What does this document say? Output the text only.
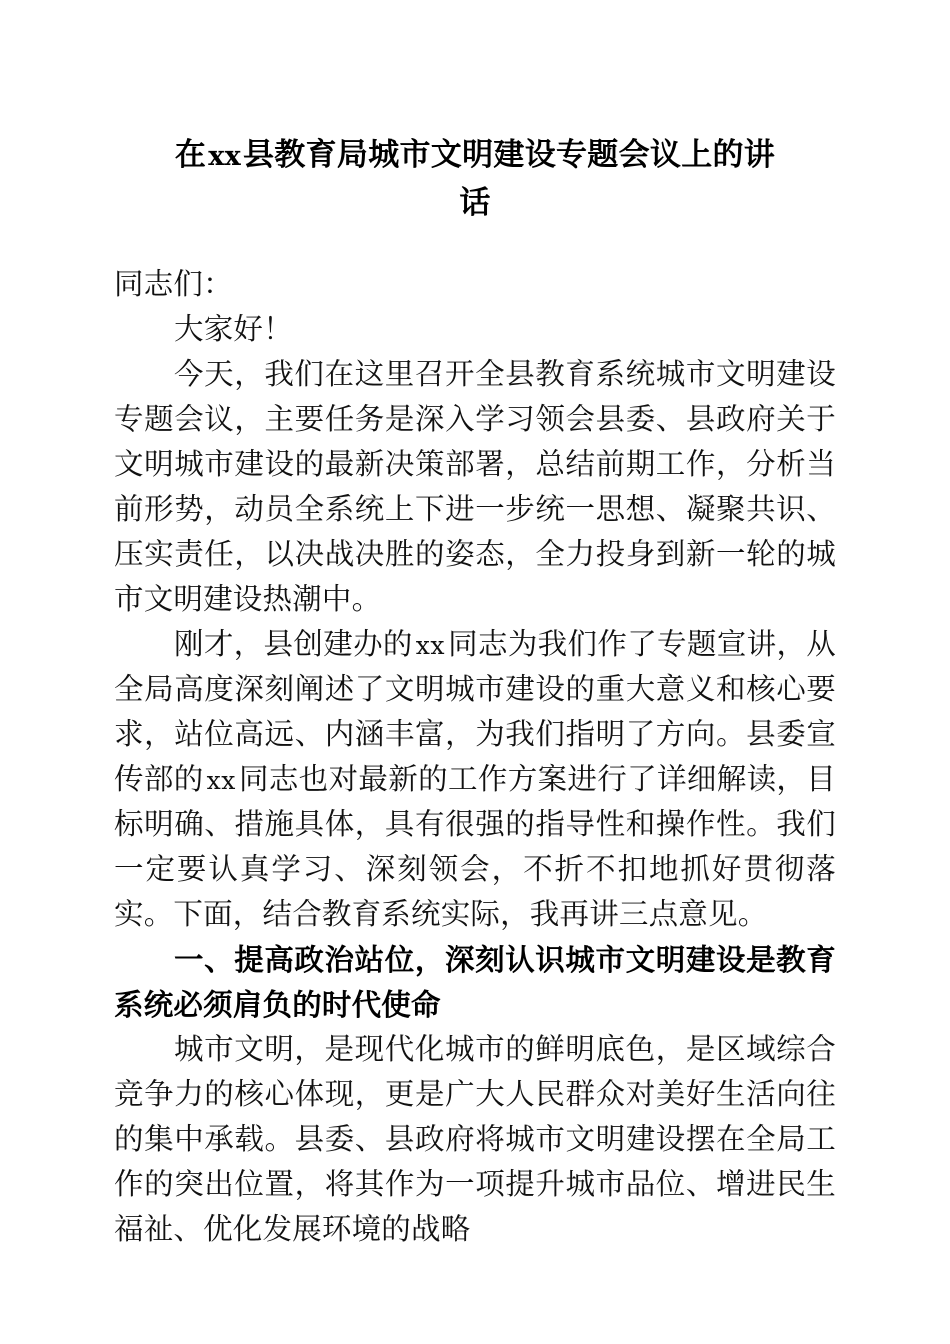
在xx县教育局城市文明建设专题会议上的讲
话

同志们：

大家好！

今天，我们在这里召开全县教育系统城市文明建设专题会议，主要任务是深入学习领会县委、县政府关于文明城市建设的最新决策部署，总结前期工作，分析当前形势，动员全系统上下进一步统一思想、凝聚共识、压实责任，以决战决胜的姿态，全力投身到新一轮的城市文明建设热潮中。

刚才，县创建办的 xx 同志为我们作了专题宣讲，从全局高度深刻阐述了文明城市建设的重大意义和核心要求，站位高远、内涵丰富，为我们指明了方向。县委宣传部的 xx 同志也对最新的工作方案进行了详细解读，目标明确、措施具体，具有很强的指导性和操作性。我们一定要认真学习、深刻领会，不折不扣地抓好贯彻落实。下面，结合教育系统实际，我再讲三点意见。

一、提高政治站位，深刻认识城市文明建设是教育系统必须肩负的时代使命

城市文明，是现代化城市的鲜明底色，是区域综合竞争力的核心体现，更是广大人民群众对美好生活向往的集中承载。县委、县政府将城市文明建设摆在全局工作的突出位置，将其作为一项提升城市品位、增进民生福祉、优化发展环境的战略
